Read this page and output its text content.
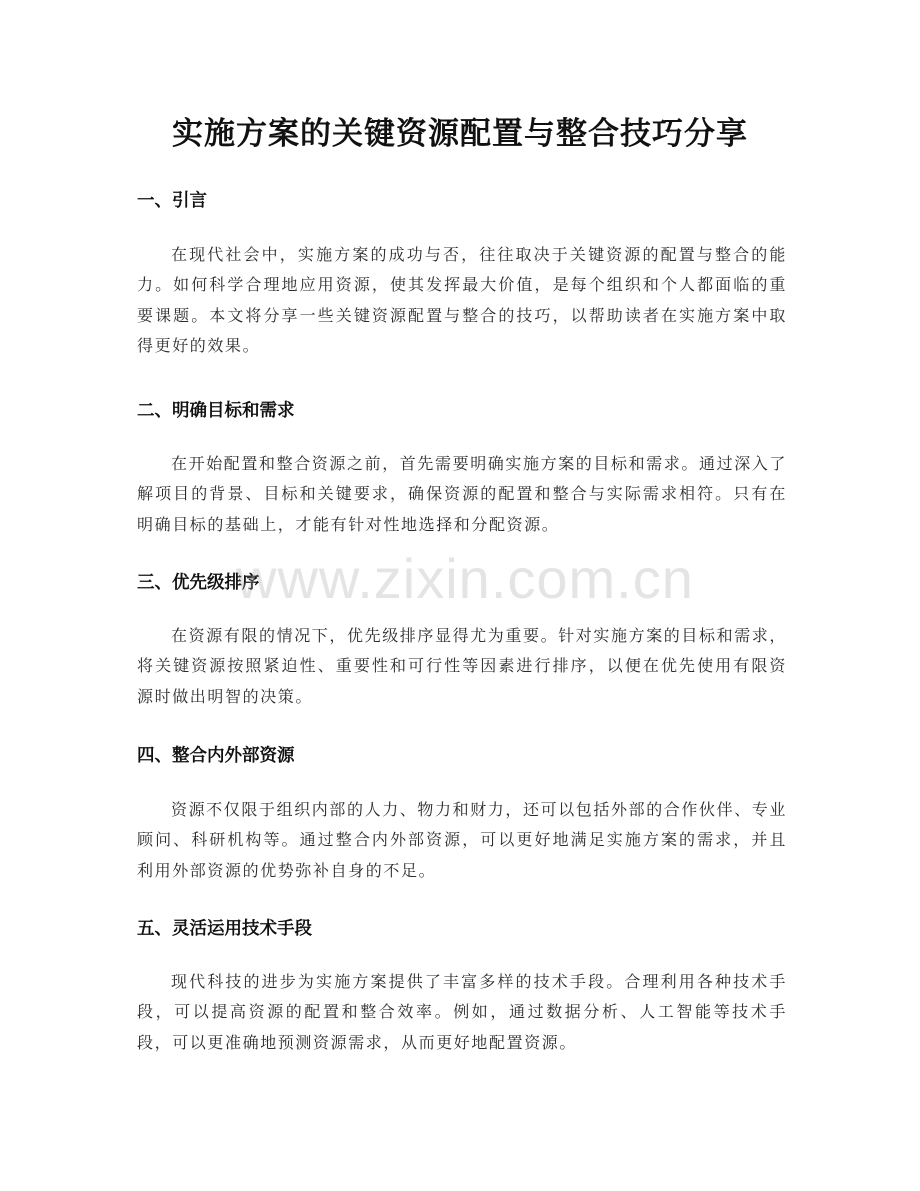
实施方案的关键资源配置与整合技巧分享
一、引言

在现代社会中，实施方案的成功与否，往往取决于关键资源的配置与整合的能力。如何科学合理地应用资源，使其发挥最大价值，是每个组织和个人都面临的重要课题。本文将分享一些关键资源配置与整合的技巧，以帮助读者在实施方案中取得更好的效果。

二、明确目标和需求

在开始配置和整合资源之前，首先需要明确实施方案的目标和需求。通过深入了解项目的背景、目标和关键要求，确保资源的配置和整合与实际需求相符。只有在明确目标的基础上，才能有针对性地选择和分配资源。

三、优先级排序

在资源有限的情况下，优先级排序显得尤为重要。针对实施方案的目标和需求，将关键资源按照紧迫性、重要性和可行性等因素进行排序，以便在优先使用有限资源时做出明智的决策。

四、整合内外部资源

资源不仅限于组织内部的人力、物力和财力，还可以包括外部的合作伙伴、专业顾问、科研机构等。通过整合内外部资源，可以更好地满足实施方案的需求，并且利用外部资源的优势弥补自身的不足。

五、灵活运用技术手段

现代科技的进步为实施方案提供了丰富多样的技术手段。合理利用各种技术手段，可以提高资源的配置和整合效率。例如，通过数据分析、人工智能等技术手段，可以更准确地预测资源需求，从而更好地配置资源。

www.zixin.com.cn
